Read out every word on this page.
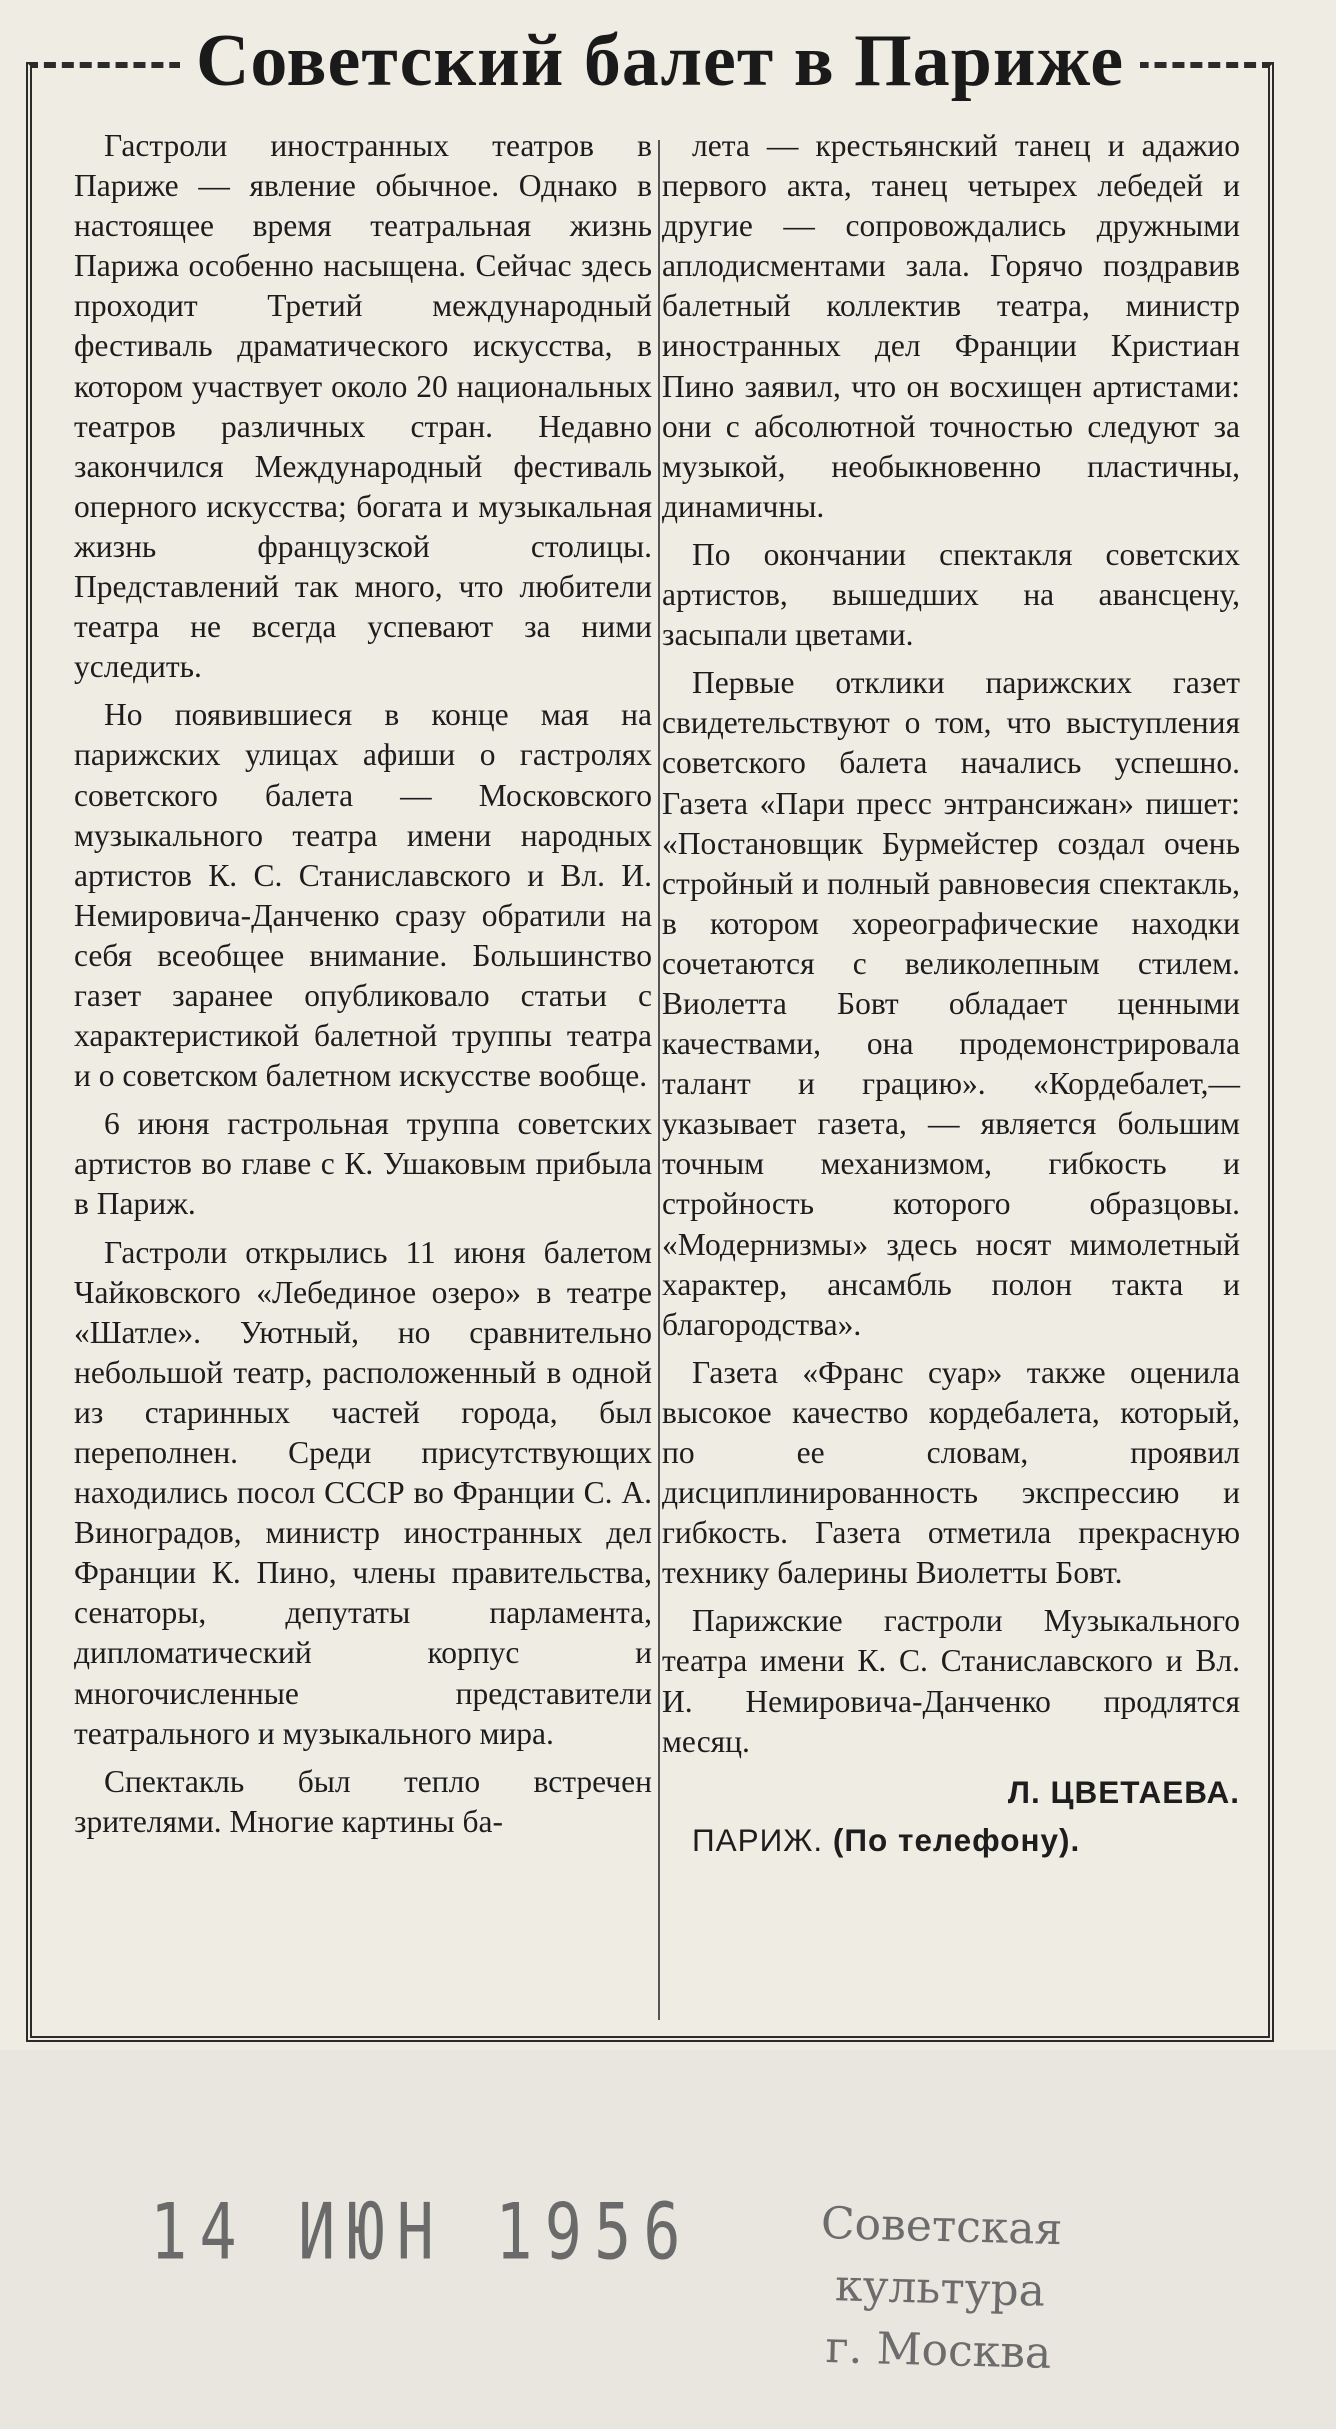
Советский балет в Париже

Гастроли иностранных театров в Париже — явление обычное. Однако в настоящее время театральная жизнь Парижа особенно насыщена. Сейчас здесь проходит Третий международный фестиваль драматического искусства, в котором участвует около 20 национальных театров различных стран. Недавно закончился Международный фестиваль оперного искусства; богата и музыкальная жизнь французской столицы. Представлений так много, что любители театра не всегда успевают за ними уследить.

Но появившиеся в конце мая на парижских улицах афиши о гастролях советского балета — Московского музыкального театра имени народных артистов К. С. Станиславского и Вл. И. Немировича-Данченко сразу обратили на себя всеобщее внимание. Большинство газет заранее опубликовало статьи с характеристикой балетной труппы театра и о советском балетном искусстве вообще.

6 июня гастрольная труппа советских артистов во главе с К. Ушаковым прибыла в Париж.

Гастроли открылись 11 июня балетом Чайковского «Лебединое озеро» в театре «Шатле». Уютный, но сравнительно небольшой театр, расположенный в одной из старинных частей города, был переполнен. Среди присутствующих находились посол СССР во Франции С. А. Виноградов, министр иностранных дел Франции К. Пино, члены правительства, сенаторы, депутаты парламента, дипломатический корпус и многочисленные представители театрального и музыкального мира.

Спектакль был тепло встречен зрителями. Многие картины ба-

лета — крестьянский танец и адажио первого акта, танец четырех лебедей и другие — сопровождались дружными аплодисментами зала. Горячо поздравив балетный коллектив театра, министр иностранных дел Франции Кристиан Пино заявил, что он восхищен артистами: они с абсолютной точностью следуют за музыкой, необыкновенно пластичны, динамичны.

По окончании спектакля советских артистов, вышедших на авансцену, засыпали цветами.

Первые отклики парижских газет свидетельствуют о том, что выступления советского балета начались успешно. Газета «Пари пресс энтрансижан» пишет: «Постановщик Бурмейстер создал очень стройный и полный равновесия спектакль, в котором хореографические находки сочетаются с великолепным стилем. Виолетта Бовт обладает ценными качествами, она продемонстрировала талант и грацию». «Кордебалет,— указывает газета, — является большим точным механизмом, гибкость и стройность которого образцовы. «Модернизмы» здесь носят мимолетный характер, ансамбль полон такта и благородства».

Газета «Франс суар» также оценила высокое качество кордебалета, который, по ее словам, проявил дисциплинированность экспрессию и гибкость. Газета отметила прекрасную технику балерины Виолетты Бовт.

Парижские гастроли Музыкального театра имени К. С. Станиславского и Вл. И. Немировича-Данченко продлятся месяц.

Л. ЦВЕТАЕВА.

ПАРИЖ. (По телефону).

14 ИЮН 1956	Советская культура
г. Москва
